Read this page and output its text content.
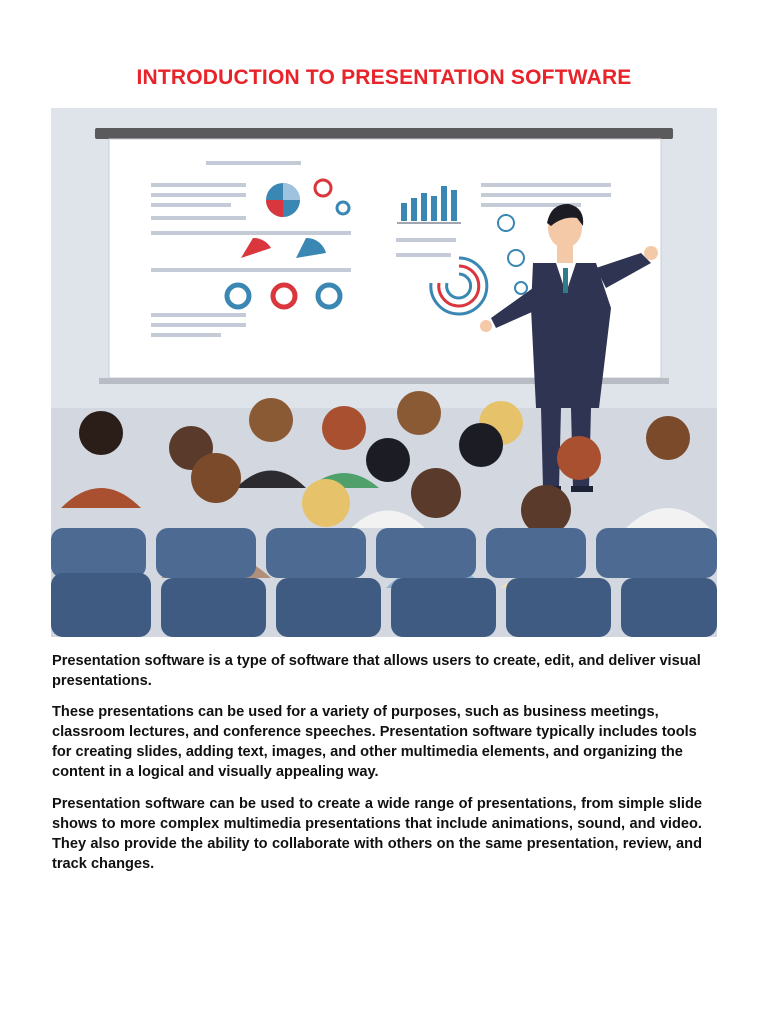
INTRODUCTION TO PRESENTATION SOFTWARE
Presentation software is a type of software that allows users to create, edit, and deliver visual presentations.
These presentations can be used for a variety of purposes, such as business meetings, classroom lectures, and conference speeches. Presentation software typically includes tools for creating slides, adding text, images, and other multimedia elements, and organizing the content in a logical and visually appealing way.
Presentation software can be used to create a wide range of presentations, from simple slide shows to more complex multimedia presentations that include animations, sound, and video. They also provide the ability to collaborate with others on the same presentation, review, and track changes.
